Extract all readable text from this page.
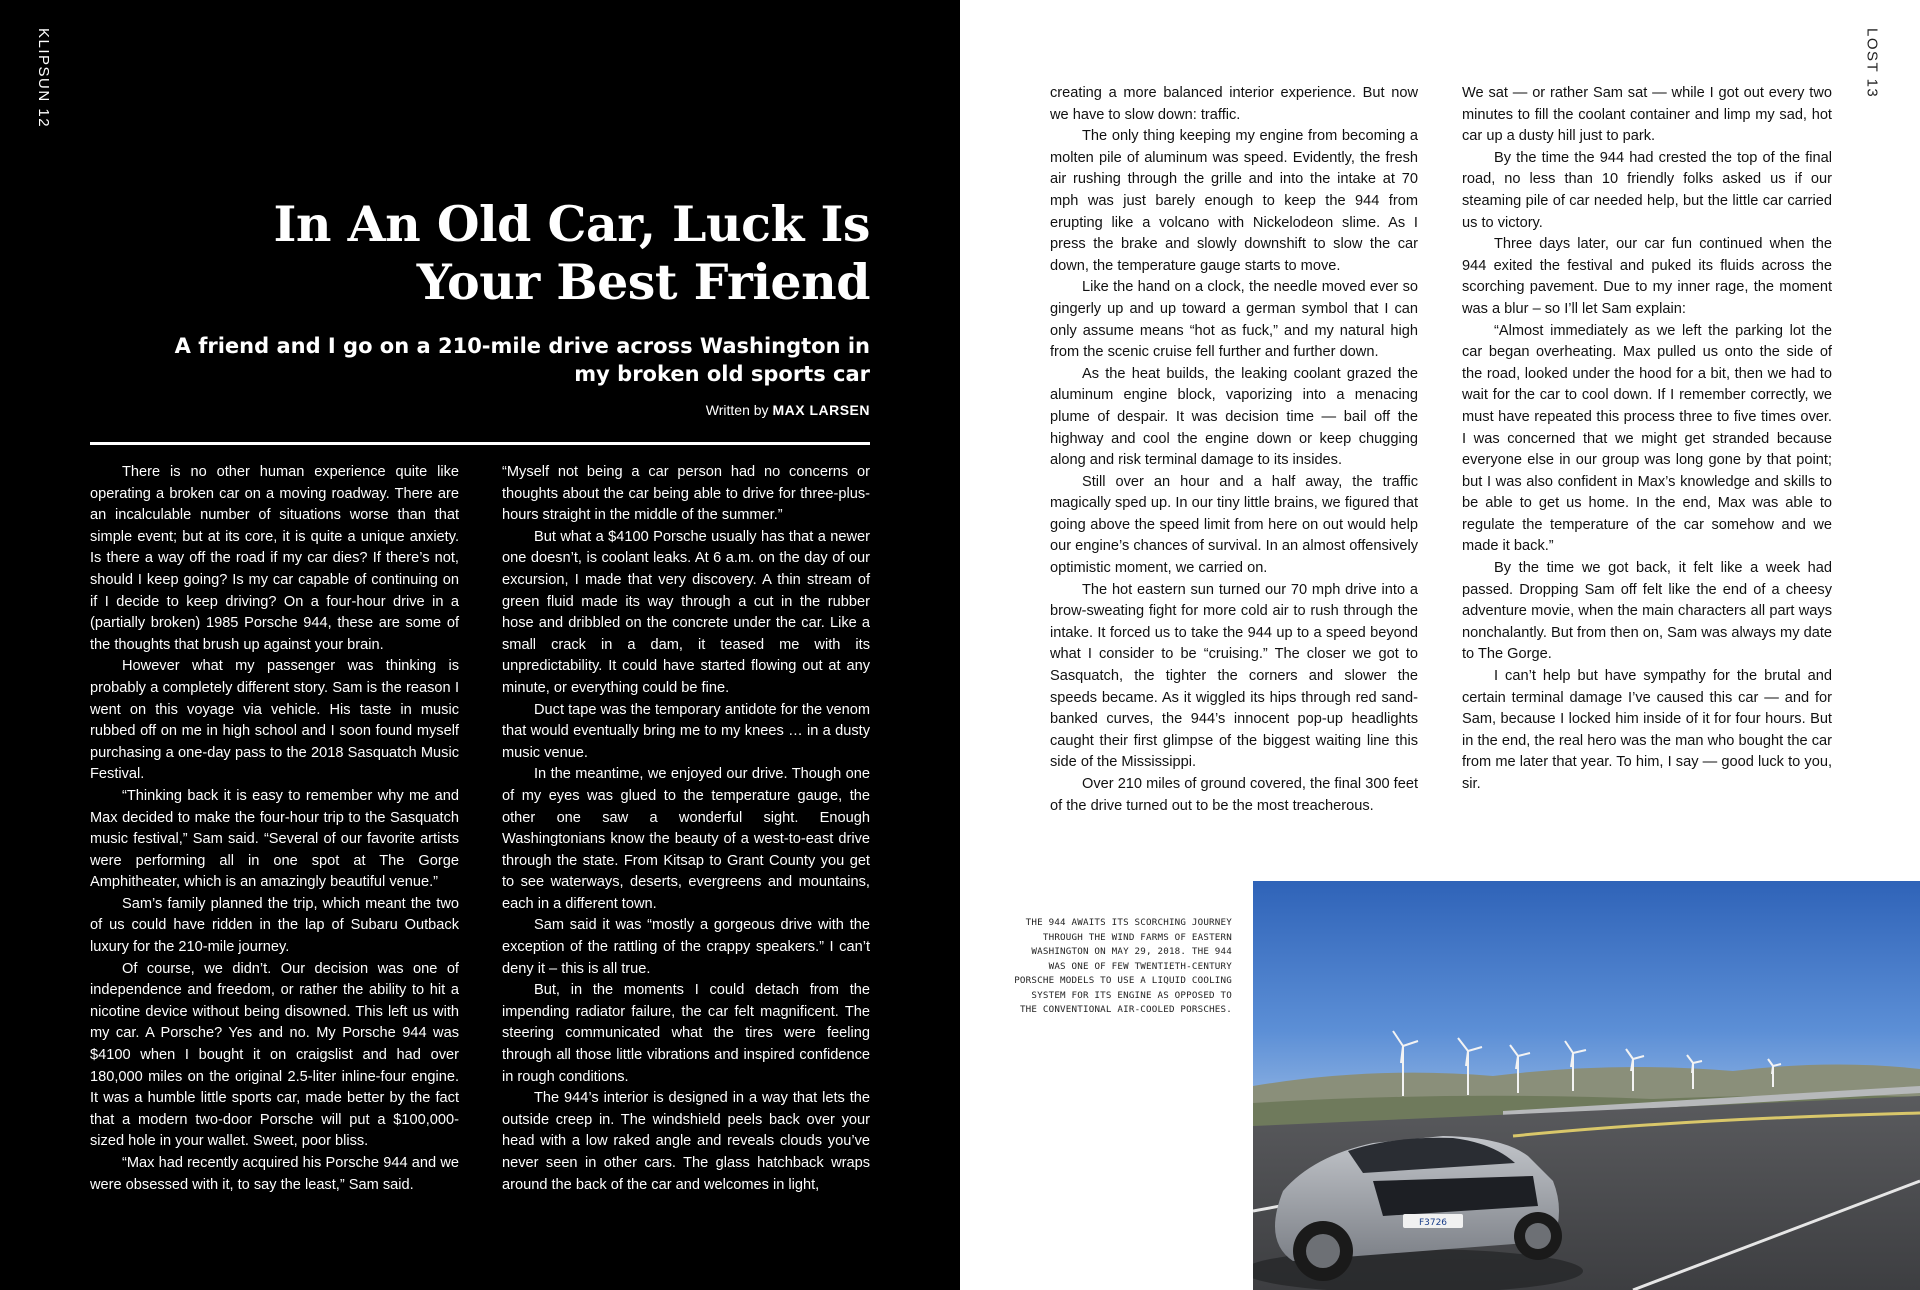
KLIPSUN 12
In An Old Car, Luck Is
Your Best Friend
A friend and I go on a 210-mile drive across Washington in
my broken old sports car
Written by MAX LARSEN

There is no other human experience quite like operating a broken car on a moving roadway. There are an incalculable number of situations worse than that simple event; but at its core, it is quite a unique anxiety. Is there a way off the road if my car dies? If there’s not, should I keep going? Is my car capable of continuing on if I decide to keep driving? On a four-hour drive in a (partially broken) 1985 Porsche 944, these are some of the thoughts that brush up against your brain.

However what my passenger was thinking is probably a completely different story. Sam is the reason I went on this voyage via vehicle. His taste in music rubbed off on me in high school and I soon found myself purchasing a one-day pass to the 2018 Sasquatch Music Festival.

“Thinking back it is easy to remember why me and Max decided to make the four-hour trip to the Sasquatch music festival,” Sam said. “Several of our favorite artists were performing all in one spot at The Gorge Amphitheater, which is an amazingly beautiful venue.”

Sam’s family planned the trip, which meant the two of us could have ridden in the lap of Subaru Outback luxury for the 210-mile journey.

Of course, we didn’t. Our decision was one of independence and freedom, or rather the ability to hit a nicotine device without being disowned. This left us with my car. A Porsche? Yes and no. My Porsche 944 was $4100 when I bought it on craigslist and had over 180,000 miles on the original 2.5-liter inline-four engine. It was a humble little sports car, made better by the fact that a modern two-door Porsche will put a $100,000-sized hole in your wallet. Sweet, poor bliss.

“Max had recently acquired his Porsche 944 and we were obsessed with it, to say the least,” Sam said.

“Myself not being a car person had no concerns or thoughts about the car being able to drive for three-plus-hours straight in the middle of the summer.”

But what a $4100 Porsche usually has that a newer one doesn’t, is coolant leaks. At 6 a.m. on the day of our excursion, I made that very discovery. A thin stream of green fluid made its way through a cut in the rubber hose and dribbled on the concrete under the car. Like a small crack in a dam, it teased me with its unpredictability. It could have started flowing out at any minute, or everything could be fine.

Duct tape was the temporary antidote for the venom that would eventually bring me to my knees … in a dusty music venue.

In the meantime, we enjoyed our drive. Though one of my eyes was glued to the temperature gauge, the other one saw a wonderful sight. Enough Washingtonians know the beauty of a west-to-east drive through the state. From Kitsap to Grant County you get to see waterways, deserts, evergreens and mountains, each in a different town.

Sam said it was “mostly a gorgeous drive with the exception of the rattling of the crappy speakers.” I can’t deny it – this is all true.

But, in the moments I could detach from the impending radiator failure, the car felt magnificent. The steering communicated what the tires were feeling through all those little vibrations and inspired confidence in rough conditions.

The 944’s interior is designed in a way that lets the outside creep in. The windshield peels back over your head with a low raked angle and reveals clouds you’ve never seen in other cars. The glass hatchback wraps around the back of the car and welcomes in light,

LOST 13

creating a more balanced interior experience. But now we have to slow down: traffic.

The only thing keeping my engine from becoming a molten pile of aluminum was speed. Evidently, the fresh air rushing through the grille and into the intake at 70 mph was just barely enough to keep the 944 from erupting like a volcano with Nickelodeon slime. As I press the brake and slowly downshift to slow the car down, the temperature gauge starts to move.

Like the hand on a clock, the needle moved ever so gingerly up and up toward a german symbol that I can only assume means “hot as fuck,” and my natural high from the scenic cruise fell further and further down.

As the heat builds, the leaking coolant grazed the aluminum engine block, vaporizing into a menacing plume of despair. It was decision time — bail off the highway and cool the engine down or keep chugging along and risk terminal damage to its insides.

Still over an hour and a half away, the traffic magically sped up. In our tiny little brains, we figured that going above the speed limit from here on out would help our engine’s chances of survival. In an almost offensively optimistic moment, we carried on.

The hot eastern sun turned our 70 mph drive into a brow-sweating fight for more cold air to rush through the intake. It forced us to take the 944 up to a speed beyond what I consider to be “cruising.” The closer we got to Sasquatch, the tighter the corners and slower the speeds became. As it wiggled its hips through red sand-banked curves, the 944’s innocent pop-up headlights caught their first glimpse of the biggest waiting line this side of the Mississippi.

Over 210 miles of ground covered, the final 300 feet of the drive turned out to be the most treacherous.

We sat — or rather Sam sat — while I got out every two minutes to fill the coolant container and limp my sad, hot car up a dusty hill just to park.

By the time the 944 had crested the top of the final road, no less than 10 friendly folks asked us if our steaming pile of car needed help, but the little car carried us to victory.

Three days later, our car fun continued when the 944 exited the festival and puked its fluids across the scorching pavement. Due to my inner rage, the moment was a blur – so I’ll let Sam explain:

“Almost immediately as we left the parking lot the car began overheating. Max pulled us onto the side of the road, looked under the hood for a bit, then we had to wait for the car to cool down. If I remember correctly, we must have repeated this process three to five times over. I was concerned that we might get stranded because everyone else in our group was long gone by that point; but I was also confident in Max’s knowledge and skills to be able to get us home. In the end, Max was able to regulate the temperature of the car somehow and we made it back.”

By the time we got back, it felt like a week had passed. Dropping Sam off felt like the end of a cheesy adventure movie, when the main characters all part ways nonchalantly. But from then on, Sam was always my date to The Gorge.

I can’t help but have sympathy for the brutal and certain terminal damage I’ve caused this car — and for Sam, because I locked him inside of it for four hours. But in the end, the real hero was the man who bought the car from me later that year. To him, I say — good luck to you, sir.

THE 944 AWAITS ITS SCORCHING JOURNEY THROUGH THE WIND FARMS OF EASTERN WASHINGTON ON MAY 29, 2018. THE 944 WAS ONE OF FEW TWENTIETH-CENTURY PORSCHE MODELS TO USE A LIQUID COOLING SYSTEM FOR ITS ENGINE AS OPPOSED TO THE CONVENTIONAL AIR-COOLED PORSCHES.
F3726
